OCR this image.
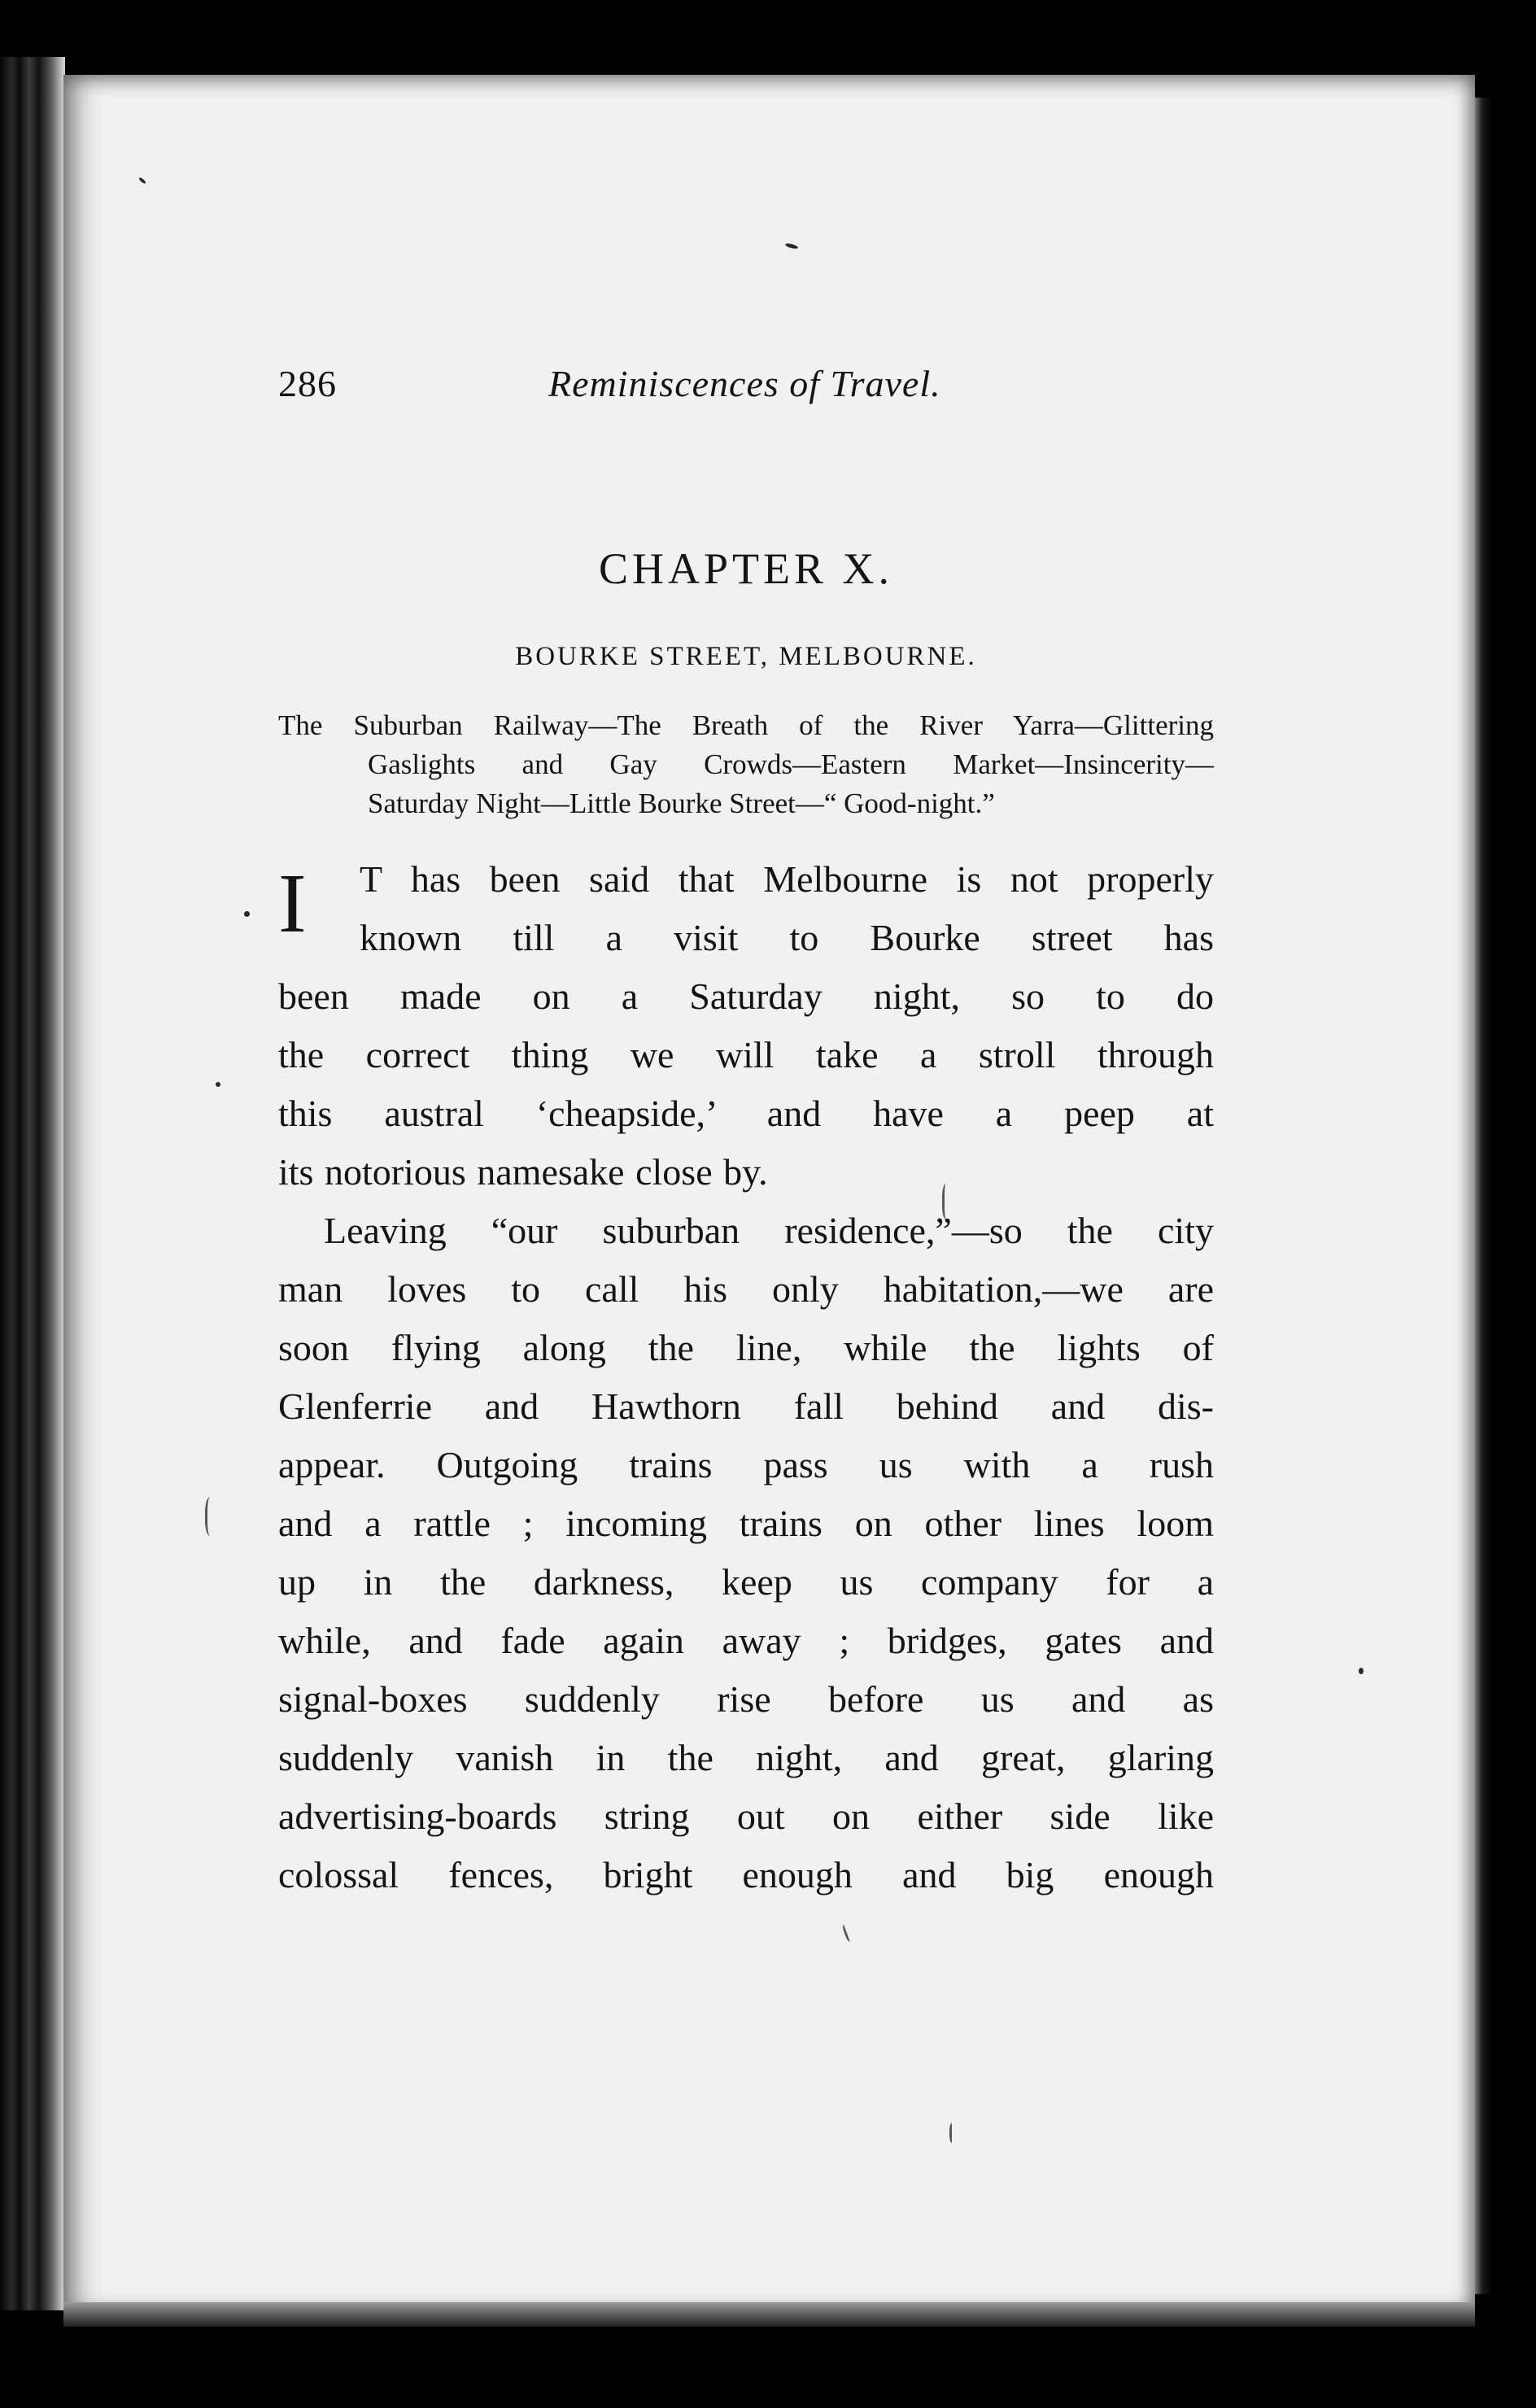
286	Reminiscences of Travel.
CHAPTER X.
BOURKE STREET, MELBOURNE.
The Suburban Railway—The Breath of the River Yarra—Glittering
Gaslights and Gay Crowds—Eastern Market—Insincerity—
Saturday Night—Little Bourke Street—“ Good-night.”
I	T has been said that Melbourne is not properly
known till a visit to Bourke street has
been made on a Saturday night, so to do
the correct thing we will take a stroll through
this austral ‘cheapside,’ and have a peep at
its notorious namesake close by.
Leaving “our suburban residence,”—so the city
man loves to call his only habitation,—we are
soon flying along the line, while the lights of
Glenferrie and Hawthorn fall behind and dis-
appear. Outgoing trains pass us with a rush
and a rattle ; incoming trains on other lines loom
up in the darkness, keep us company for a
while, and fade again away ; bridges, gates and
signal-boxes suddenly rise before us and as
suddenly vanish in the night, and great, glaring
advertising-boards string out on either side like
colossal fences, bright enough and big enough
